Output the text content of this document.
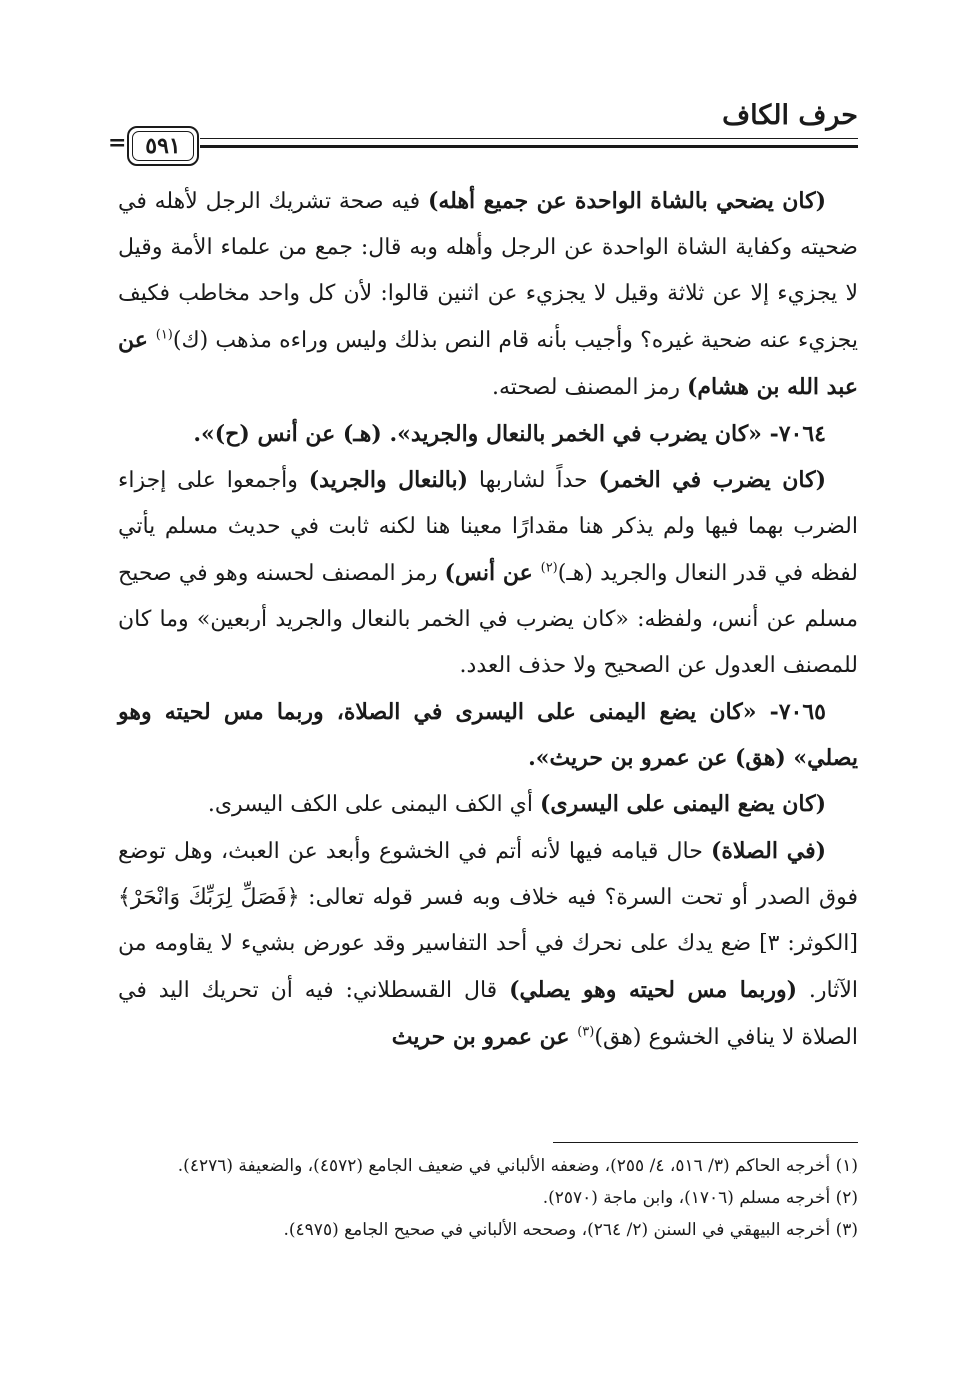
حرف الكاف
٥٩١
=

(كان يضحي بالشاة الواحدة عن جميع أهله) فيه صحة تشريك الرجل لأهله في ضحيته وكفاية الشاة الواحدة عن الرجل وأهله وبه قال: جمع من علماء الأمة وقيل لا يجزيء إلا عن ثلاثة وقيل لا يجزيء عن اثنين قالوا: لأن كل واحد مخاطب فكيف يجزيء عنه ضحية غيره؟ وأجيب بأنه قام النص بذلك وليس وراءه مذهب (ك)$^{(١)}$ عن عبد الله بن هشام) رمز المصنف لصحته.

٧٠٦٤- «كان يضرب في الخمر بالنعال والجريد». (هـ) عن أنس (ح)».

(كان يضرب في الخمر) حداً لشاربها (بالنعال والجريد) وأجمعوا على إجزاء الضرب بهما فيها ولم يذكر هنا مقدارًا معينا هنا لكنه ثابت في حديث مسلم يأتي لفظه في قدر النعال والجريد (هـ)$^{(٢)}$ عن أنس) رمز المصنف لحسنه وهو في صحيح مسلم عن أنس، ولفظه: «كان يضرب في الخمر بالنعال والجريد أربعين» وما كان للمصنف العدول عن الصحيح ولا حذف العدد.

٧٠٦٥- «كان يضع اليمنى على اليسرى في الصلاة، وربما مس لحيته وهو يصلي» (هق) عن عمرو بن حريث».

(كان يضع اليمنى على اليسرى) أي الكف اليمنى على الكف اليسرى.

(في الصلاة) حال قيامه فيها لأنه أتم في الخشوع وأبعد عن العبث، وهل توضع فوق الصدر أو تحت السرة؟ فيه خلاف وبه فسر قوله تعالى: ﴿فَصَلِّ لِرَبِّكَ وَانْحَرْ﴾ [الكوثر: ٣] ضع يدك على نحرك في أحد التفاسير وقد عورض بشيء لا يقاومه من الآثار. (وربما مس لحيته وهو يصلي) قال القسطلاني: فيه أن تحريك اليد في الصلاة لا ينافي الخشوع (هق)$^{(٣)}$ عن عمرو بن حريث

(١) أخرجه الحاكم (٣/ ٥١٦، ٤/ ٢٥٥)، وضعفه الألباني في ضعيف الجامع (٤٥٧٢)، والضعيفة (٤٢٧٦).

(٢) أخرجه مسلم (١٧٠٦)، وابن ماجة (٢٥٧٠).

(٣) أخرجه البيهقي في السنن (٢/ ٢٦٤)، وصححه الألباني في صحيح الجامع (٤٩٧٥).
